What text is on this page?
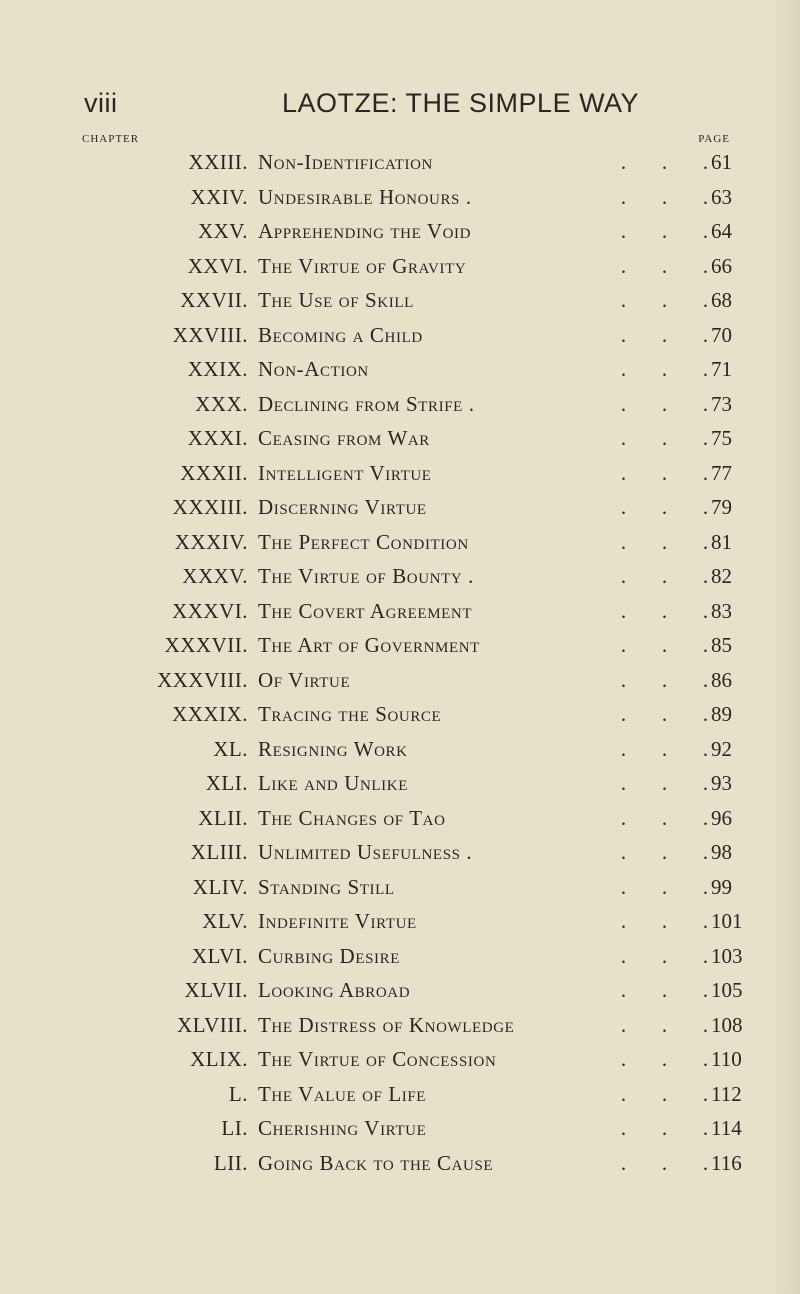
viii	LAOTZE: THE SIMPLE WAY
CHAPTER	PAGE
XXIII. Non-Identification	. . . 61
XXIV. Undesirable Honours .	. . . 63
XXV. Apprehending the Void	. . . 64
XXVI. The Virtue of Gravity	. . . 66
XXVII. The Use of Skill	. . . 68
XXVIII. Becoming a Child	. . . 70
XXIX. Non-Action	. . . 71
XXX. Declining from Strife .	. . . 73
XXXI. Ceasing from War	. . . 75
XXXII. Intelligent Virtue	. . . 77
XXXIII. Discerning Virtue	. . . 79
XXXIV. The Perfect Condition	. . . 81
XXXV. The Virtue of Bounty .	. . . 82
XXXVI. The Covert Agreement	. . . 83
XXXVII. The Art of Government	. . . 85
XXXVIII. Of Virtue	. . . 86
XXXIX. Tracing the Source	. . . 89
XL. Resigning Work	. . . 92
XLI. Like and Unlike	. . . 93
XLII. The Changes of Tao	. . . 96
XLIII. Unlimited Usefulness .	. . . 98
XLIV. Standing Still	. . . 99
XLV. Indefinite Virtue	. . . 101
XLVI. Curbing Desire	. . . 103
XLVII. Looking Abroad	. . . 105
XLVIII. The Distress of Knowledge	. . . 108
XLIX. The Virtue of Concession	. . . 110
L. The Value of Life	. . . 112
LI. Cherishing Virtue	. . . 114
LII. Going Back to the Cause	. . . 116
